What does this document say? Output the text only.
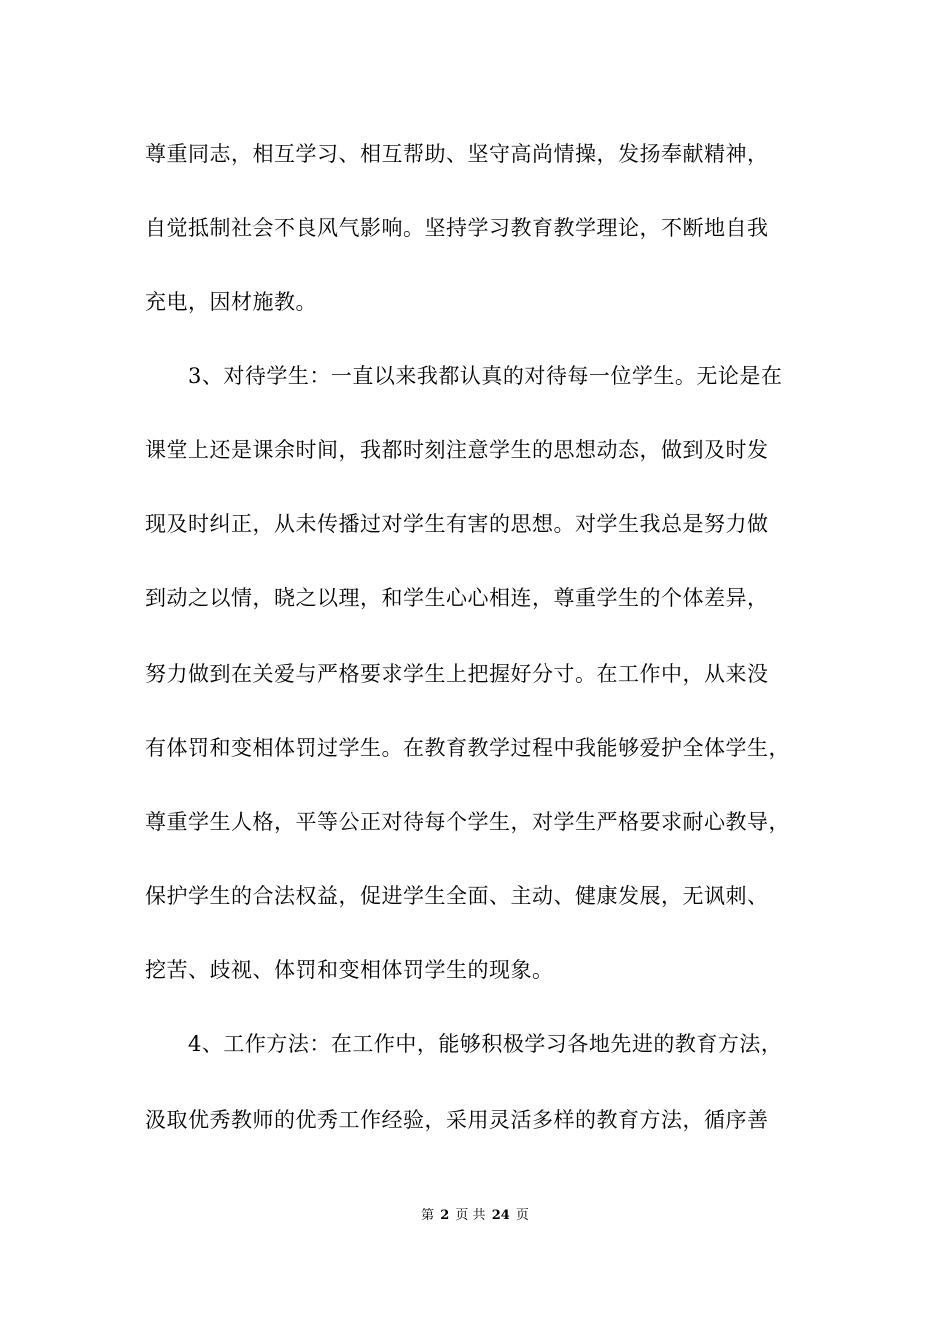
尊重同志，相互学习、相互帮助、坚守高尚情操，发扬奉献精神，
自觉抵制社会不良风气影响。坚持学习教育教学理论，不断地自我
充电，因材施教。
3、对待学生：一直以来我都认真的对待每一位学生。无论是在
课堂上还是课余时间，我都时刻注意学生的思想动态，做到及时发
现及时纠正，从未传播过对学生有害的思想。对学生我总是努力做
到动之以情，晓之以理，和学生心心相连，尊重学生的个体差异，
努力做到在关爱与严格要求学生上把握好分寸。在工作中，从来没
有体罚和变相体罚过学生。在教育教学过程中我能够爱护全体学生，
尊重学生人格，平等公正对待每个学生，对学生严格要求耐心教导，
保护学生的合法权益，促进学生全面、主动、健康发展，无讽刺、
挖苦、歧视、体罚和变相体罚学生的现象。
4、工作方法：在工作中，能够积极学习各地先进的教育方法，
汲取优秀教师的优秀工作经验，采用灵活多样的教育方法，循序善
第 2 页 共 24 页
